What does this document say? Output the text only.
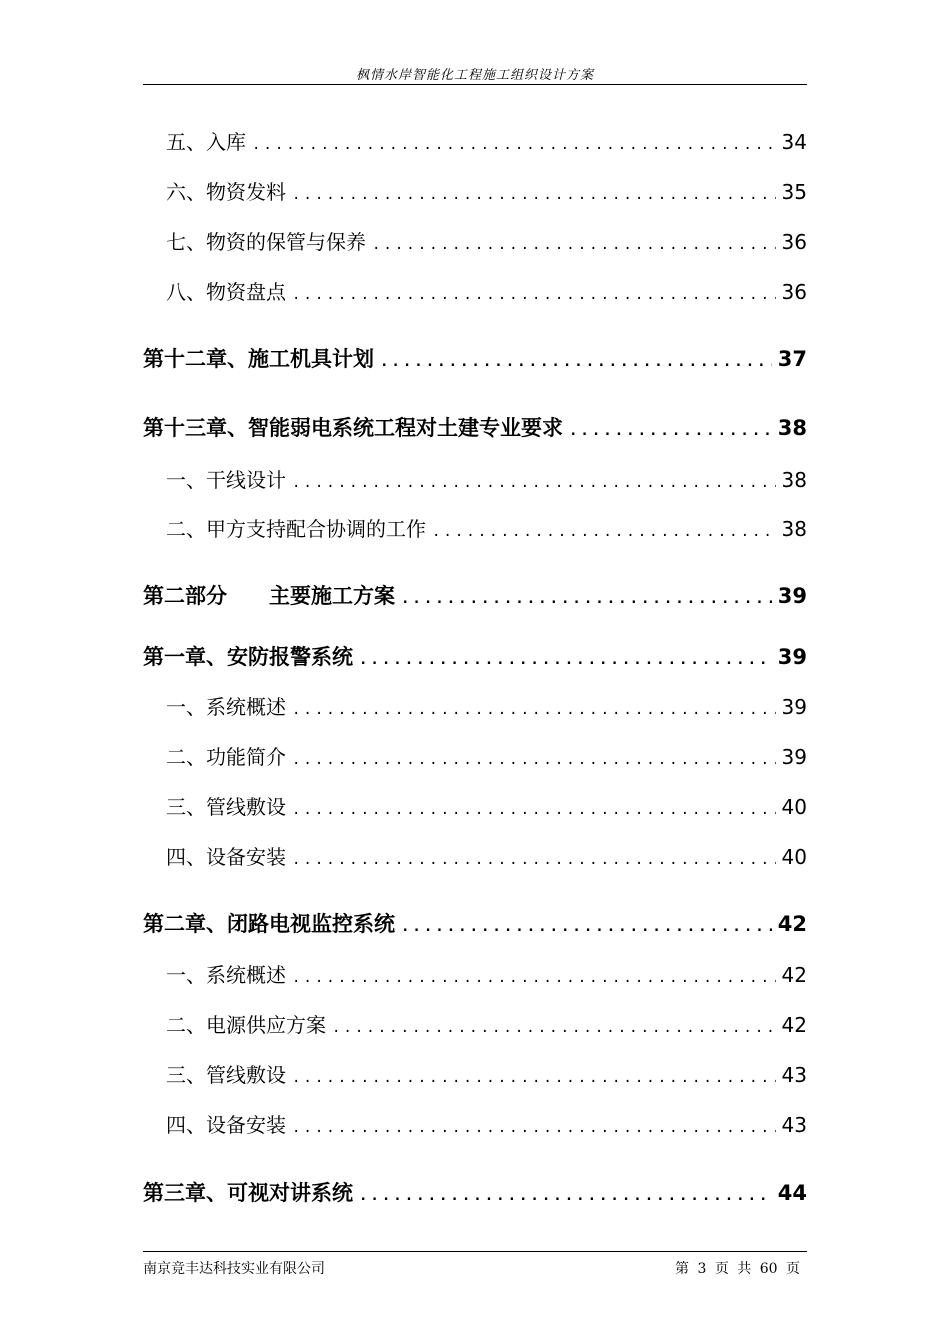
枫情水岸智能化工程施工组织设计方案
五、入库 .....	34
六、物资发料 .....	35
七、物资的保管与保养 .....	36
八、物资盘点 .....	36
第十二章、施工机具计划 .....	37
第十三章、智能弱电系统工程对土建专业要求 .....	38
一、干线设计 .....	38
二、甲方支持配合协调的工作 .....	38
第二部分　　主要施工方案 .....	39
第一章、安防报警系统 .....	39
一、系统概述 .....	39
二、功能简介 .....	39
三、管线敷设 .....	40
四、设备安装 .....	40
第二章、闭路电视监控系统 .....	42
一、系统概述 .....	42
二、电源供应方案 .....	42
三、管线敷设 .....	43
四、设备安装 .....	43
第三章、可视对讲系统 .....	44
南京竞丰达科技实业有限公司	第 3 页 共 60 页
